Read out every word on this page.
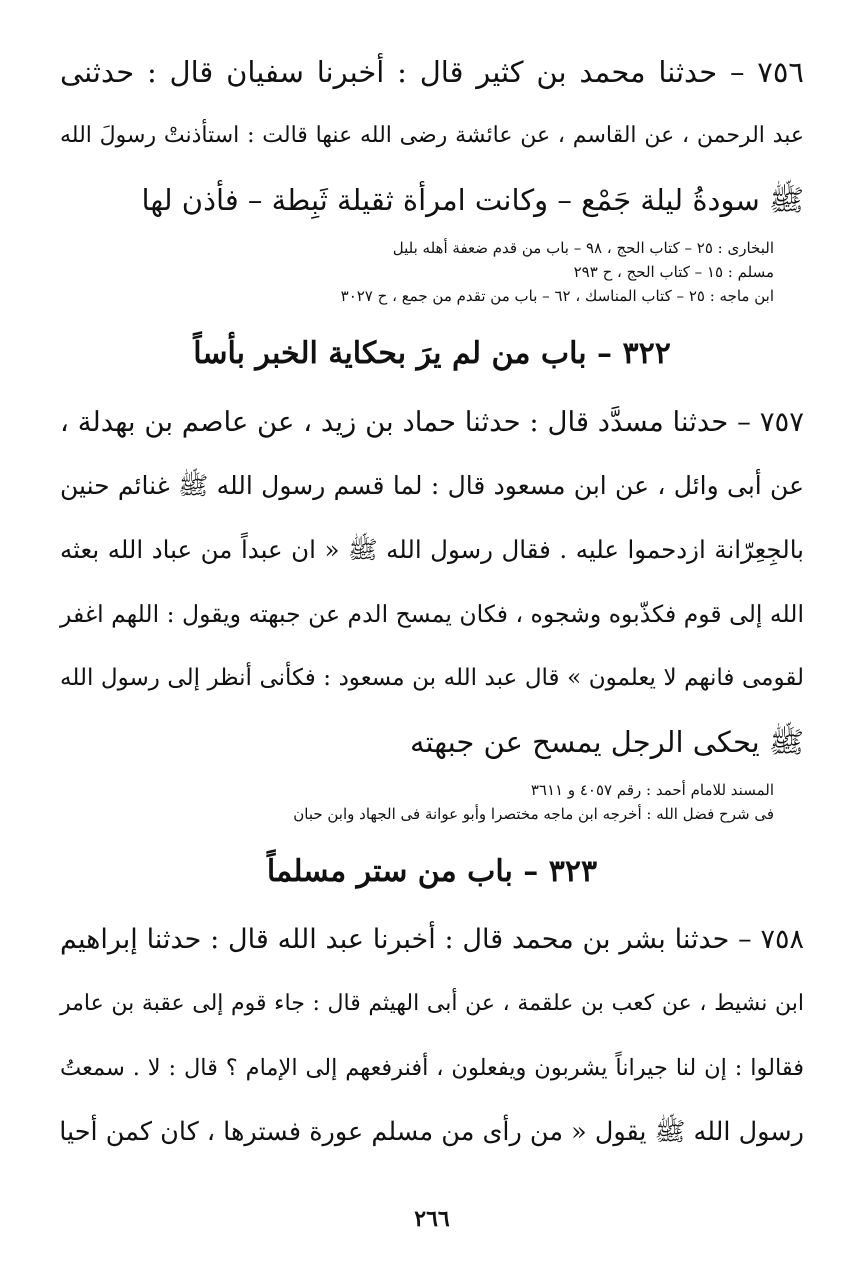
٧٥٦ – حدثنا محمد بن كثير قال : أخبرنا سفيان قال : حدثنى
عبد الرحمن ، عن القاسم ، عن عائشة رضى الله عنها قالت : استأذنتْ رسولَ الله
ﷺ سودةُ ليلة جَمْع – وكانت امرأة ثقيلة ثَبِطة – فأذن لها
البخارى : ٢٥ – كتاب الحج ، ٩٨ – باب من قدم ضعفة أهله بليل
مسلم : ١٥ – كتاب الحج ، ح ٢٩٣
ابن ماجه : ٢٥ – كتاب المناسك ، ٦٢ – باب من تقدم من جمع ، ح ٣٠٢٧
٣٢٢ – باب من لم يرَ بحكاية الخبر بأساً
٧٥٧ – حدثنا مسدَّد قال : حدثنا حماد بن زيد ، عن عاصم بن بهدلة ،
عن أبى وائل ، عن ابن مسعود قال : لما قسم رسول الله ﷺ غنائم حنين
بالجِعِرّانة ازدحموا عليه . فقال رسول الله ﷺ « ان عبداً من عباد الله بعثه
الله إلى قوم فكذّبوه وشجوه ، فكان يمسح الدم عن جبهته ويقول : اللهم اغفر
لقومى فانهم لا يعلمون » قال عبد الله بن مسعود : فكأنى أنظر إلى رسول الله
ﷺ يحكى الرجل يمسح عن جبهته
المسند للامام أحمد : رقم ٤٠٥٧ و ٣٦١١
فى شرح فضل الله : أخرجه ابن ماجه مختصرا وأبو عوانة فى الجهاد وابن حبان
٣٢٣ – باب من ستر مسلماً
٧٥٨ – حدثنا بشر بن محمد قال : أخبرنا عبد الله قال : حدثنا إبراهيم
ابن نشيط ، عن كعب بن علقمة ، عن أبى الهيثم قال : جاء قوم إلى عقبة بن عامر
فقالوا : إن لنا جيراناً يشربون ويفعلون ، أفنرفعهم إلى الإمام ؟ قال : لا . سمعتُ
رسول الله ﷺ يقول « من رأى من مسلم عورة فسترها ، كان كمن أحيا
٢٦٦
